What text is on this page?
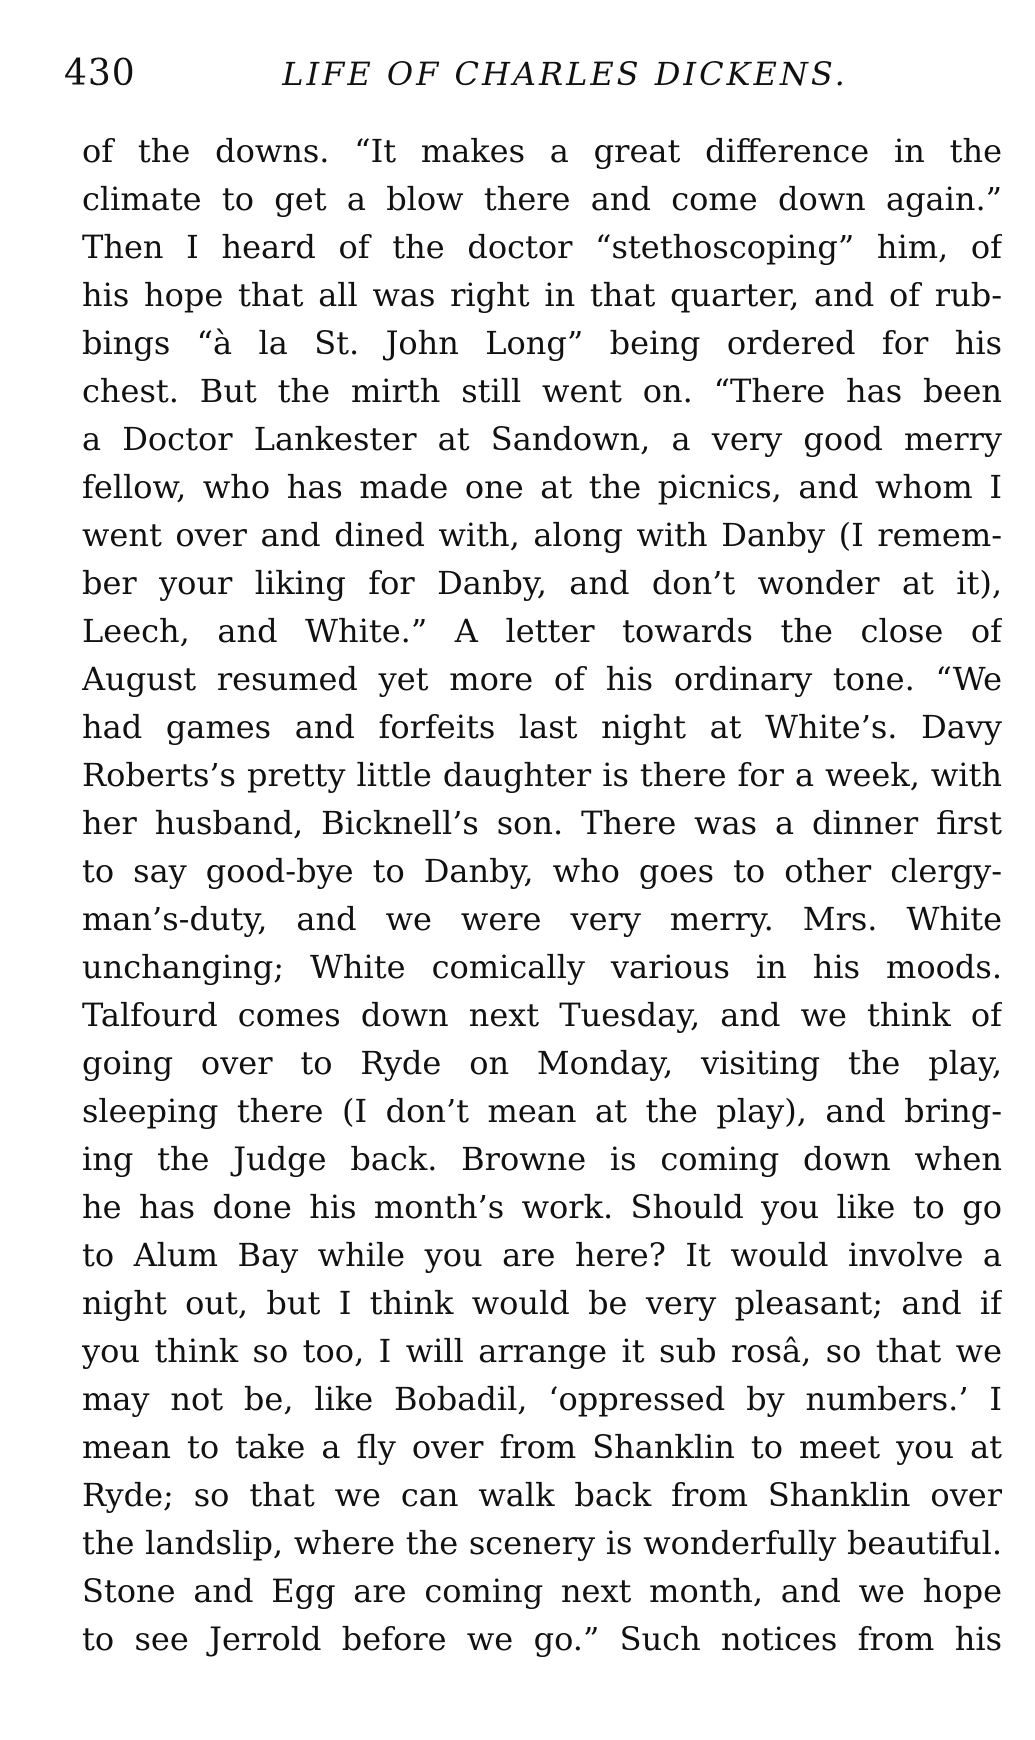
430	LIFE OF CHARLES DICKENS.
of the downs. “It makes a great difference in the
climate to get a blow there and come down again.”
Then I heard of the doctor “stethoscoping” him, of
his hope that all was right in that quarter, and of rub-
bings “à la St. John Long” being ordered for his
chest. But the mirth still went on. “There has been
a Doctor Lankester at Sandown, a very good merry
fellow, who has made one at the picnics, and whom I
went over and dined with, along with Danby (I remem-
ber your liking for Danby, and don’t wonder at it),
Leech, and White.” A letter towards the close of
August resumed yet more of his ordinary tone. “We
had games and forfeits last night at White’s. Davy
Roberts’s pretty little daughter is there for a week, with
her husband, Bicknell’s son. There was a dinner first
to say good-bye to Danby, who goes to other clergy-
man’s-duty, and we were very merry. Mrs. White
unchanging; White comically various in his moods.
Talfourd comes down next Tuesday, and we think of
going over to Ryde on Monday, visiting the play,
sleeping there (I don’t mean at the play), and bring-
ing the Judge back. Browne is coming down when
he has done his month’s work. Should you like to go
to Alum Bay while you are here? It would involve a
night out, but I think would be very pleasant; and if
you think so too, I will arrange it sub rosâ, so that we
may not be, like Bobadil, ‘oppressed by numbers.’ I
mean to take a fly over from Shanklin to meet you at
Ryde; so that we can walk back from Shanklin over
the landslip, where the scenery is wonderfully beautiful.
Stone and Egg are coming next month, and we hope
to see Jerrold before we go.” Such notices from his
